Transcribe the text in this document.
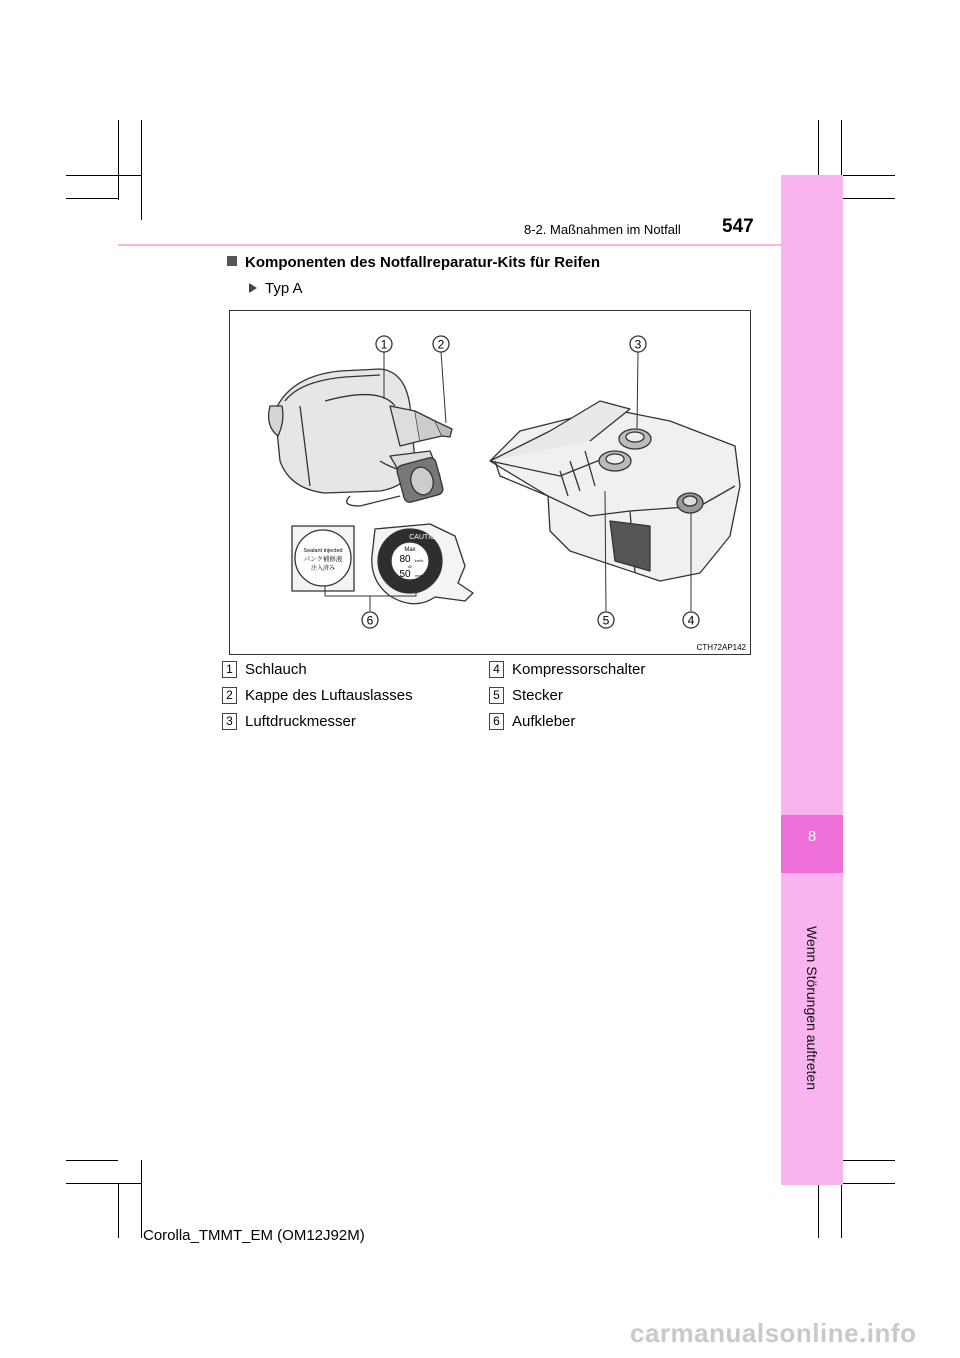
8
Wenn Störungen auftreten
8-2. Maßnahmen im Notfall 547
Komponenten des Notfallreparatur-Kits für Reifen
Typ A
1	2	3
4
5
6
Sealant injected
パンク補修液
注入済み
CAUTION
Max
80 km/h
or
50 mph
CTH72AP142
1 Schlauch
2 Kappe des Luftauslasses
3 Luftdruckmesser
4 Kompressorschalter
5 Stecker
6 Aufkleber
Corolla_TMMT_EM (OM12J92M)
carmanualsonline.info
